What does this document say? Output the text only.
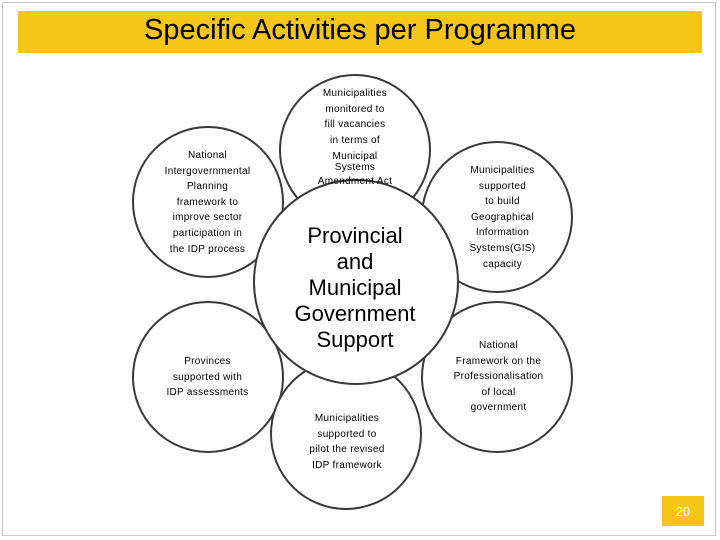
Specific Activities per Programme
Municipalities
monitored to
fill vacancies
in terms of
Municipal
Systems
Amendment Act
National
Intergovernmental
Planning
framework to
improve sector
participation in
the IDP process
Municipalities
supported
to build
Geographical
Information
Systems(GIS)
capacity
Provinces
supported with
IDP assessments
National
Framework on the
Professionalisation
of local
government
Municipalities
supported to
pilot the revised
IDP framework
Provincial
and
Municipal
Government
Support
20
